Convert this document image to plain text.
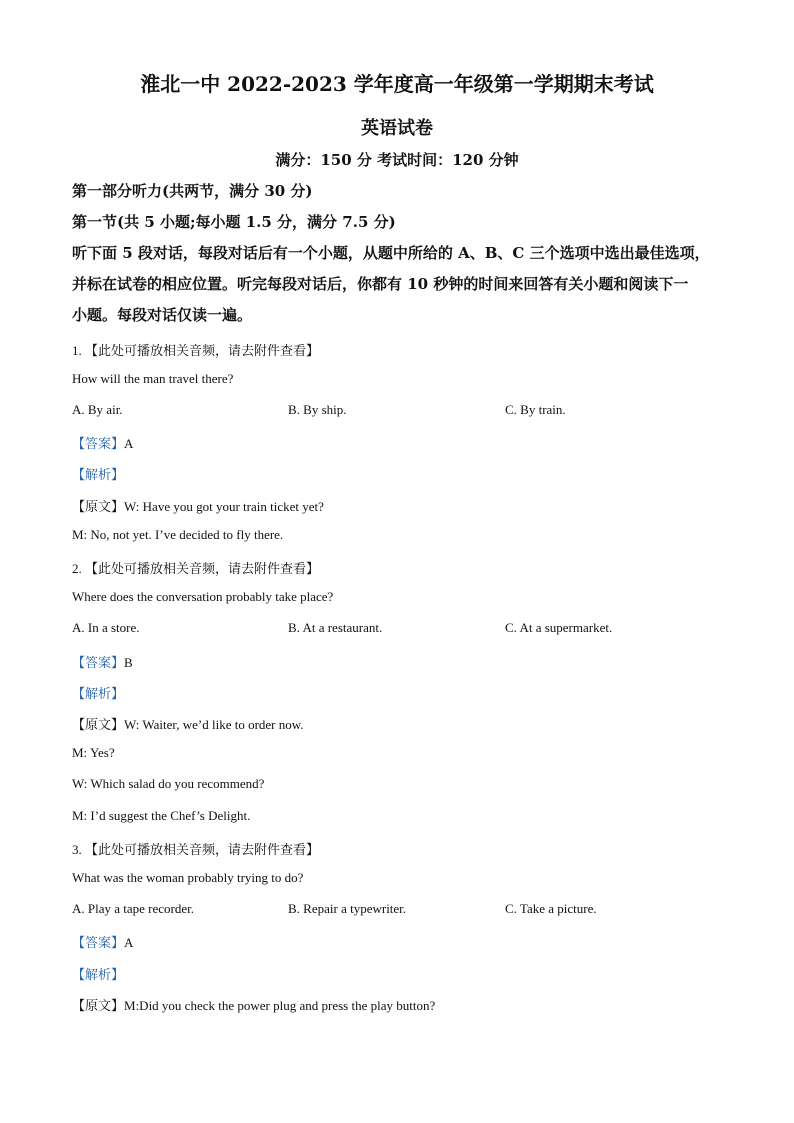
淮北一中 2022-2023 学年度高一年级第一学期期末考试
英语试卷
满分：150 分 考试时间：120 分钟
第一部分听力(共两节，满分 30 分)
第一节(共 5 小题;每小题 1.5 分，满分 7.5 分)
听下面 5 段对话，每段对话后有一个小题，从题中所给的 A、B、C 三个选项中选出最佳选项，
并标在试卷的相应位置。听完每段对话后，你都有 10 秒钟的时间来回答有关小题和阅读下一
小题。每段对话仅读一遍。
1. 【此处可播放相关音频，请去附件查看】
How will the man travel there?
A. By air.	B. By ship.	C. By train.
【答案】A
【解析】
【原文】W: Have you got your train ticket yet?
M: No, not yet. I’ve decided to fly there.
2. 【此处可播放相关音频，请去附件查看】
Where does the conversation probably take place?
A. In a store.	B. At a restaurant.	C. At a supermarket.
【答案】B
【解析】
【原文】W: Waiter, we’d like to order now.
M: Yes?
W: Which salad do you recommend?
M: I’d suggest the Chef’s Delight.
3. 【此处可播放相关音频，请去附件查看】
What was the woman probably trying to do?
A. Play a tape recorder.	B. Repair a typewriter.	C. Take a picture.
【答案】A
【解析】
【原文】M:Did you check the power plug and press the play button?
